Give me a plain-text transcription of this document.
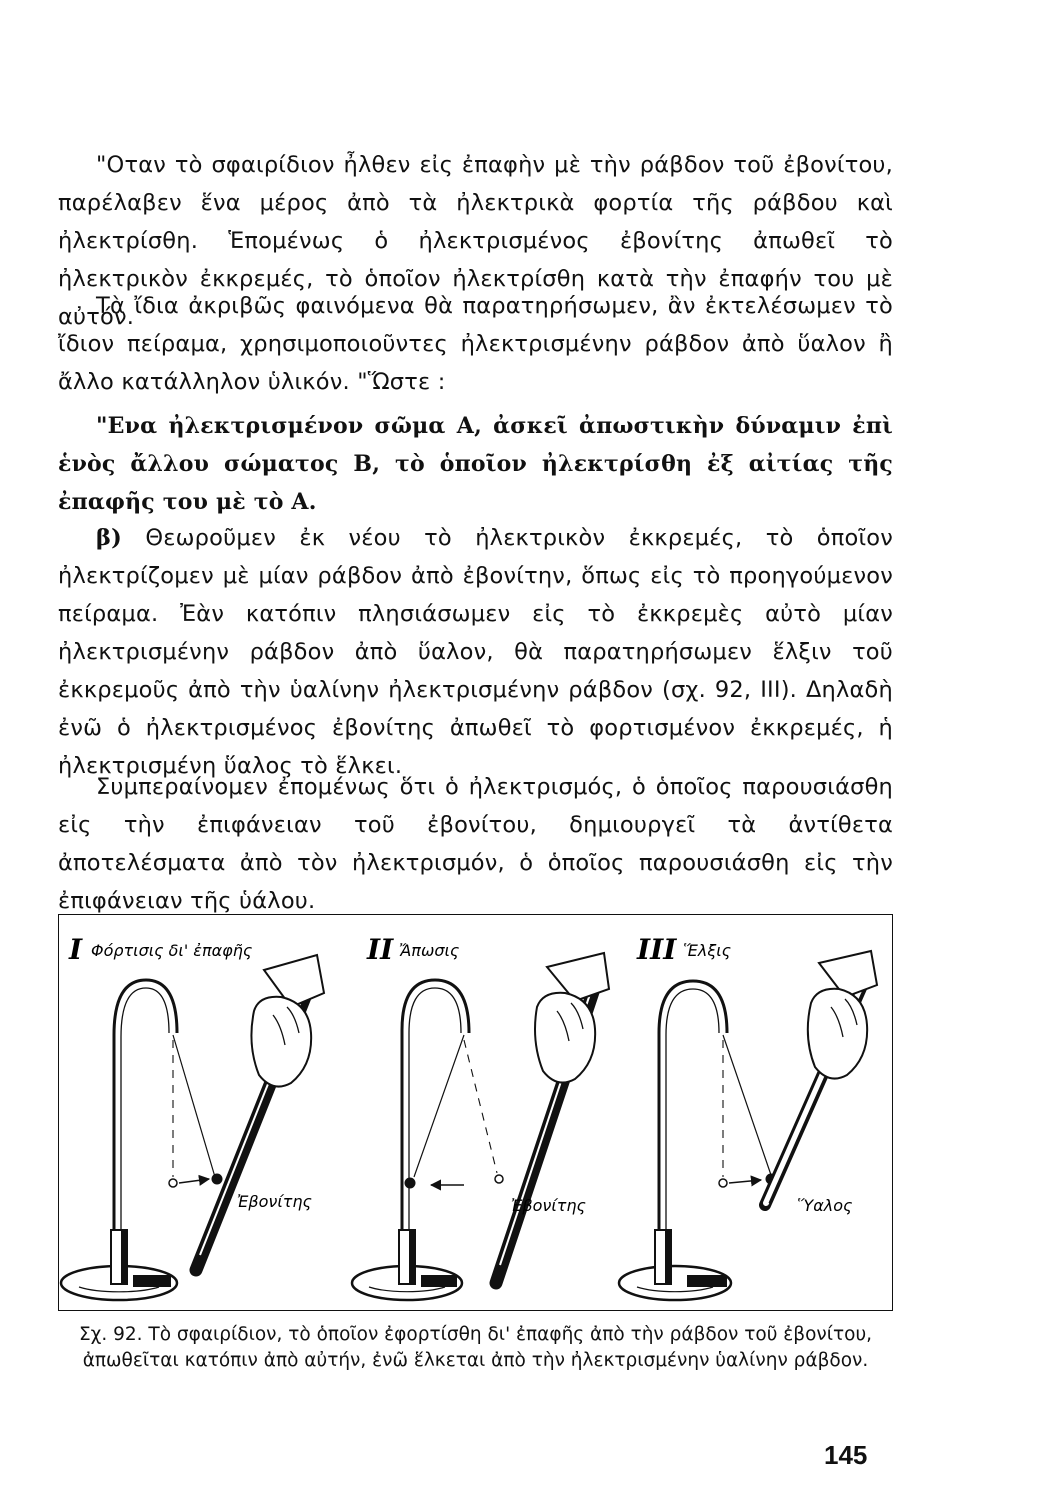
"Οταν τὸ σφαιρίδιον ἦλθεν εἰς ἐπαφὴν μὲ τὴν ράβδον τοῦ ἐβονίτου, παρέλαβεν ἕνα μέρος ἀπὸ τὰ ἠλεκτρικὰ φορτία τῆς ράβδου καὶ ἠλεκτρίσθη. Ἑπομένως ὁ ἠλεκτρισμένος ἐβονίτης ἀπωθεῖ τὸ ἠλεκτρικὸν ἐκκρεμές, τὸ ὁποῖον ἠλεκτρίσθη κατὰ τὴν ἐπαφήν του μὲ αὐτόν.

Τὰ ἴδια ἀκριβῶς φαινόμενα θὰ παρατηρήσωμεν, ἂν ἐκτελέσωμεν τὸ ἴδιον πείραμα, χρησιμοποιοῦντες ἠλεκτρισμένην ράβδον ἀπὸ ὕαλον ἢ ἄλλο κατάλληλον ὑλικόν. "Ὥστε :

"Ενα ἠλεκτρισμένον σῶμα Α, ἀσκεῖ ἀπωστικὴν δύναμιν ἐπὶ ἑνὸς ἄλλου σώματος Β, τὸ ὁποῖον ἠλεκτρίσθη ἐξ αἰτίας τῆς ἐπαφῆς του μὲ τὸ Α.

β) Θεωροῦμεν ἐκ νέου τὸ ἠλεκτρικὸν ἐκκρεμές, τὸ ὁποῖον ἠλεκτρίζομεν μὲ μίαν ράβδον ἀπὸ ἐβονίτην, ὅπως εἰς τὸ προηγούμενον πείραμα. Ἐὰν κατόπιν πλησιάσωμεν εἰς τὸ ἐκκρεμὲς αὐτὸ μίαν ἠλεκτρισμένην ράβδον ἀπὸ ὕαλον, θὰ παρατηρήσωμεν ἕλξιν τοῦ ἐκκρεμοῦς ἀπὸ τὴν ὑαλίνην ἠλεκτρισμένην ράβδον (σχ. 92, ΙΙΙ). Δηλαδὴ ἐνῶ ὁ ἠλεκτρισμένος ἐβονίτης ἀπωθεῖ τὸ φορτισμένον ἐκκρεμές, ἡ ἠλεκτρισμένη ὕαλος τὸ ἕλκει.

Συμπεραίνομεν ἐπομένως ὅτι ὁ ἠλεκτρισμός, ὁ ὁποῖος παρουσιάσθη εἰς τὴν ἐπιφάνειαν τοῦ ἐβονίτου, δημιουργεῖ τὰ ἀντίθετα ἀποτελέσματα ἀπὸ τὸν ἠλεκτρισμόν, ὁ ὁποῖος παρουσιάσθη εἰς τὴν ἐπιφάνειαν τῆς ὑάλου.

I Φόρτισις δι' ἐπαφῆς
Ἐβονίτης
II Ἄπωσις
Ἐβονίτης
III Ἕλξις
Ὕαλος

Σχ. 92. Τὸ σφαιρίδιον, τὸ ὁποῖον ἐφορτίσθη δι' ἐπαφῆς ἀπὸ τὴν ράβδον τοῦ ἐβονίτου, ἀπωθεῖται κατόπιν ἀπὸ αὐτήν, ἐνῶ ἕλκεται ἀπὸ τὴν ἠλεκτρισμένην ὑαλίνην ράβδον.

145
